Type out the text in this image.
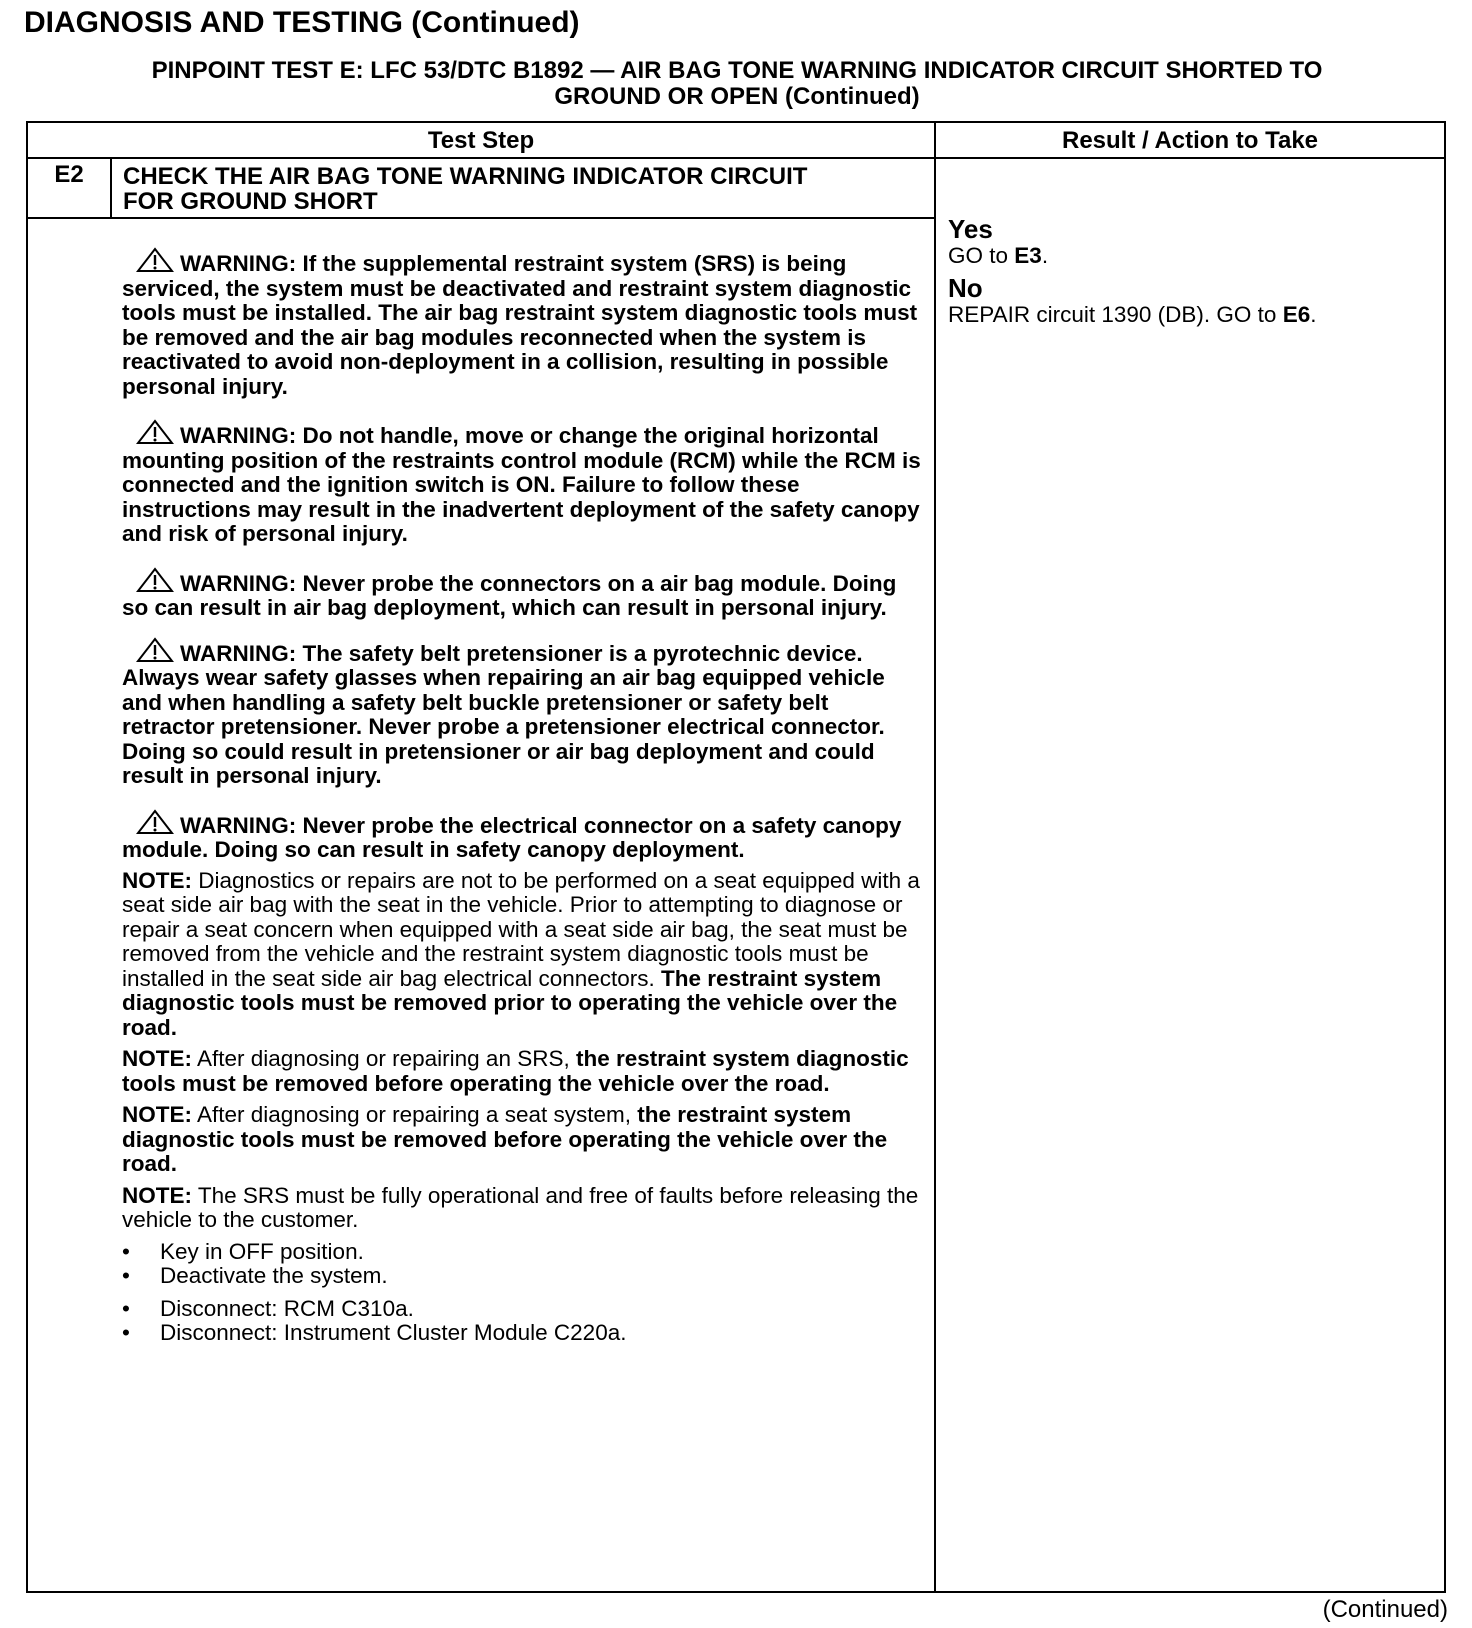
DIAGNOSIS AND TESTING (Continued)
PINPOINT TEST E: LFC 53/DTC B1892 — AIR BAG TONE WARNING INDICATOR CIRCUIT SHORTED TO
GROUND OR OPEN (Continued)
Test Step	Result / Action to Take
E2	CHECK THE AIR BAG TONE WARNING INDICATOR CIRCUIT
FOR GROUND SHORT

WARNING: If the supplemental restraint system (SRS) is being serviced, the system must be deactivated and restraint system diagnostic tools must be installed. The air bag restraint system diagnostic tools must be removed and the air bag modules reconnected when the system is reactivated to avoid non-deployment in a collision, resulting in possible personal injury.

WARNING: Do not handle, move or change the original horizontal mounting position of the restraints control module (RCM) while the RCM is connected and the ignition switch is ON. Failure to follow these instructions may result in the inadvertent deployment of the safety canopy and risk of personal injury.

WARNING: Never probe the connectors on a air bag module. Doing so can result in air bag deployment, which can result in personal injury.

WARNING: The safety belt pretensioner is a pyrotechnic device. Always wear safety glasses when repairing an air bag equipped vehicle and when handling a safety belt buckle pretensioner or safety belt retractor pretensioner. Never probe a pretensioner electrical connector. Doing so could result in pretensioner or air bag deployment and could result in personal injury.

WARNING: Never probe the electrical connector on a safety canopy module. Doing so can result in safety canopy deployment.

NOTE: Diagnostics or repairs are not to be performed on a seat equipped with a seat side air bag with the seat in the vehicle. Prior to attempting to diagnose or repair a seat concern when equipped with a seat side air bag, the seat must be removed from the vehicle and the restraint system diagnostic tools must be installed in the seat side air bag electrical connectors. The restraint system diagnostic tools must be removed prior to operating the vehicle over the road.

NOTE: After diagnosing or repairing an SRS, the restraint system diagnostic tools must be removed before operating the vehicle over the road.

NOTE: After diagnosing or repairing a seat system, the restraint system diagnostic tools must be removed before operating the vehicle over the road.

NOTE: The SRS must be fully operational and free of faults before releasing the vehicle to the customer.

• Key in OFF position.
• Deactivate the system.
• Disconnect: RCM C310a.
• Disconnect: Instrument Cluster Module C220a.
Yes
GO to E3.
No
REPAIR circuit 1390 (DB). GO to E6.
(Continued)
